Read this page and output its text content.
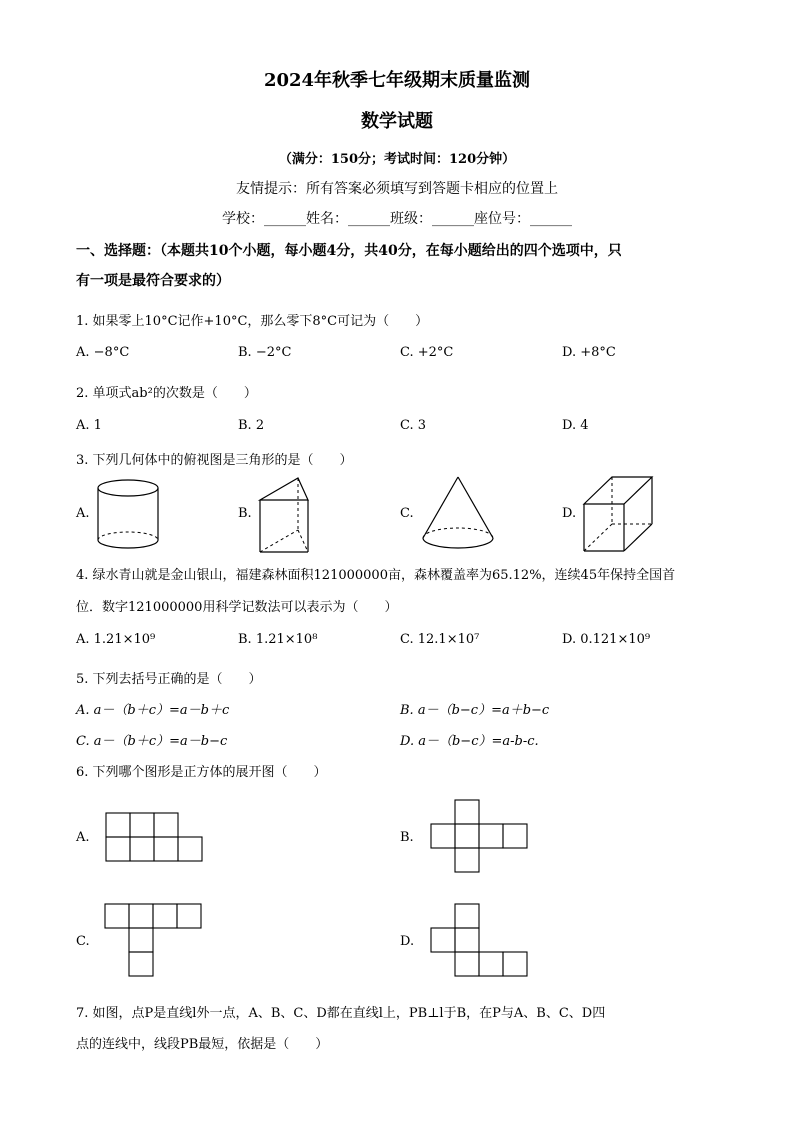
2024年秋季七年级期末质量监测
数学试题
（满分：150分；考试时间：120分钟）
友情提示：所有答案必须填写到答题卡相应的位置上
学校：______姓名：______班级：______座位号：______
一、选择题：（本题共10个小题，每小题4分，共40分，在每小题给出的四个选项中，只
有一项是最符合要求的）
1. 如果零上10°C记作+10°C，那么零下8°C可记为（　　）
A. −8°C	B. −2°C	C. +2°C	D. +8°C
2. 单项式ab²的次数是（　　）
A. 1	B. 2	C. 3	D. 4
3. 下列几何体中的俯视图是三角形的是（　　）
A.	B.	C.	D.
4. 绿水青山就是金山银山，福建森林面积121000000亩，森林覆盖率为65.12%，连续45年保持全国首
位．数字121000000用科学记数法可以表示为（　　）
A. 1.21×10⁹	B. 1.21×10⁸	C. 12.1×10⁷	D. 0.121×10⁹
5. 下列去括号正确的是（　　）
A. a－（b＋c）=a－b＋c	B. a－（b−c）=a＋b−c
C. a－（b＋c）=a－b−c	D. a－（b−c）=a-b-c.
6. 下列哪个图形是正方体的展开图（　　）
A.	B.
C.	D.
7. 如图，点P是直线l外一点，A、B、C、D都在直线l上，PB⊥l于B，在P与A、B、C、D四
点的连线中，线段PB最短，依据是（　　）
